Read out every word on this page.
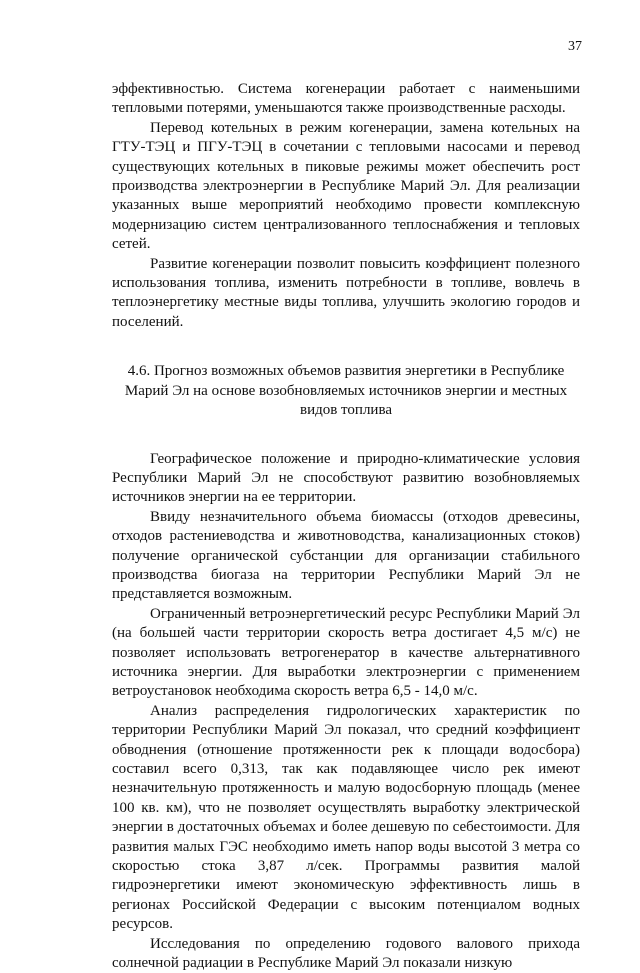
37

эффективностью. Система когенерации работает с наименьшими тепловыми потерями, уменьшаются также производственные расходы.

Перевод котельных в режим когенерации, замена котельных на ГТУ-ТЭЦ и ПГУ-ТЭЦ в сочетании с тепловыми насосами и перевод существующих котельных в пиковые режимы может обеспечить рост производства электроэнергии в Республике Марий Эл. Для реализации указанных выше мероприятий необходимо провести комплексную модернизацию систем централизованного теплоснабжения и тепловых сетей.

Развитие когенерации позволит повысить коэффициент полезного использования топлива, изменить потребности в топливе, вовлечь в теплоэнергетику местные виды топлива, улучшить экологию городов и поселений.

4.6. Прогноз возможных объемов развития энергетики в Республике
Марий Эл на основе возобновляемых источников энергии и местных
видов топлива

Географическое положение и природно-климатические условия Республики Марий Эл не способствуют развитию возобновляемых источников энергии на ее территории.

Ввиду незначительного объема биомассы (отходов древесины, отходов растениеводства и животноводства, канализационных стоков) получение органической субстанции для организации стабильного производства биогаза на территории Республики Марий Эл не представляется возможным.

Ограниченный ветроэнергетический ресурс Республики Марий Эл (на большей части территории скорость ветра достигает 4,5 м/с) не позволяет использовать ветрогенератор в качестве альтернативного источника энергии. Для выработки электроэнергии с применением ветроустановок необходима скорость ветра 6,5 - 14,0 м/с.

Анализ распределения гидрологических характеристик по территории Республики Марий Эл показал, что средний коэффициент обводнения (отношение протяженности рек к площади водосбора) составил всего 0,313, так как подавляющее число рек имеют незначительную протяженность и малую водосборную площадь (менее 100 кв. км), что не позволяет осуществлять выработку электрической энергии в достаточных объемах и более дешевую по себестоимости. Для развития малых ГЭС необходимо иметь напор воды высотой 3 метра со скоростью стока 3,87 л/сек. Программы развития малой гидроэнергетики имеют экономическую эффективность лишь в регионах Российской Федерации с высоким потенциалом водных ресурсов.

Исследования по определению годового валового прихода солнечной радиации в Республике Марий Эл показали низкую
